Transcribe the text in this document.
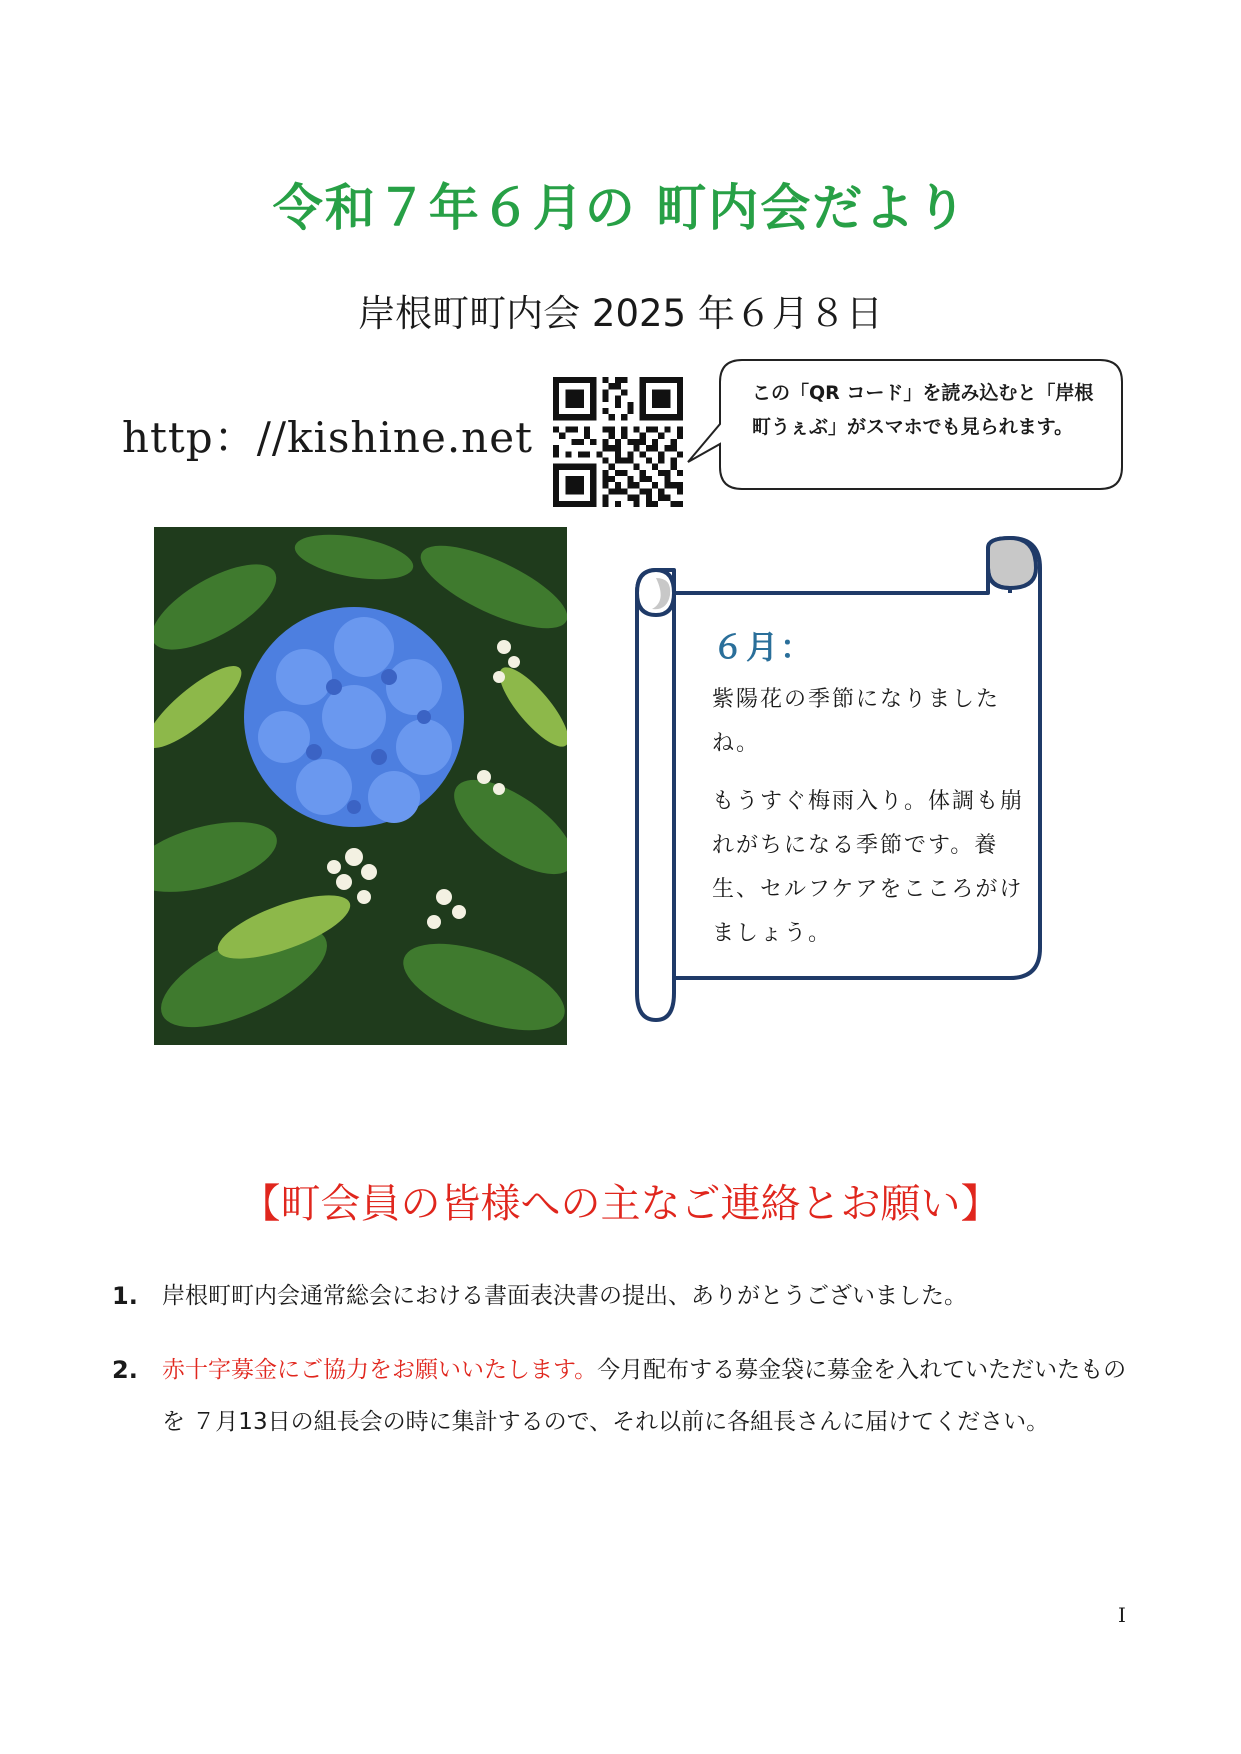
令和７年６月の 町内会だより
岸根町町内会 2025 年６月８日
http：//kishine.net
この「QR コード」を読み込むと「岸根町うぇぶ」がスマホでも見られます。
６月：

紫陽花の季節になりましたね。

もうすぐ梅雨入り。体調も崩れがちになる季節です。養生、セルフケアをこころがけましょう。

【町会員の皆様への主なご連絡とお願い】
1.	岸根町町内会通常総会における書面表決書の提出、ありがとうございました。
2.	赤十字募金にご協力をお願いいたします。今月配布する募金袋に募金を入れていただいたものを ７月13日の組長会の時に集計するので、それ以前に各組長さんに届けてください。
I
